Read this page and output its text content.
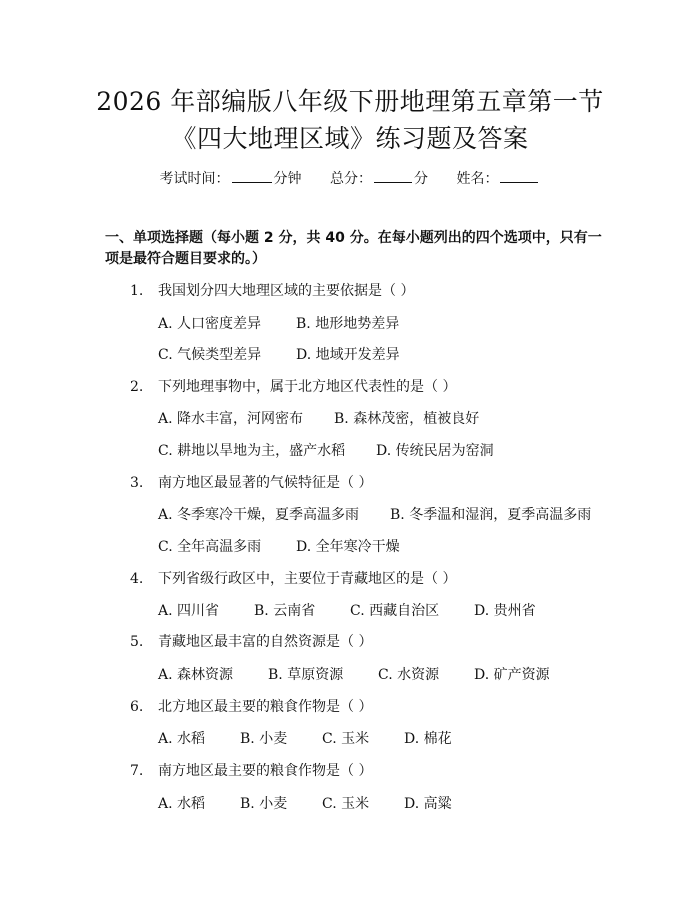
2026 年部编版八年级下册地理第五章第一节
《四大地理区域》练习题及答案
考试时间：	分钟 总分：	分 姓名：
一、单项选择题（每小题 2 分，共 40 分。在每小题列出的四个选项中，只有一项是最符合题目要求的。）
1. 我国划分四大地理区域的主要依据是（ ）
A. 人口密度差异 B. 地形地势差异
C. 气候类型差异 D. 地域开发差异
2. 下列地理事物中，属于北方地区代表性的是（ ）
A. 降水丰富，河网密布 B. 森林茂密，植被良好
C. 耕地以旱地为主，盛产水稻 D. 传统民居为窑洞
3. 南方地区最显著的气候特征是（ ）
A. 冬季寒冷干燥，夏季高温多雨 B. 冬季温和湿润，夏季高温多雨
C. 全年高温多雨 D. 全年寒冷干燥
4. 下列省级行政区中，主要位于青藏地区的是（ ）
A. 四川省 B. 云南省 C. 西藏自治区 D. 贵州省
5. 青藏地区最丰富的自然资源是（ ）
A. 森林资源 B. 草原资源 C. 水资源 D. 矿产资源
6. 北方地区最主要的粮食作物是（ ）
A. 水稻 B. 小麦 C. 玉米 D. 棉花
7. 南方地区最主要的粮食作物是（ ）
A. 水稻 B. 小麦 C. 玉米 D. 高粱
